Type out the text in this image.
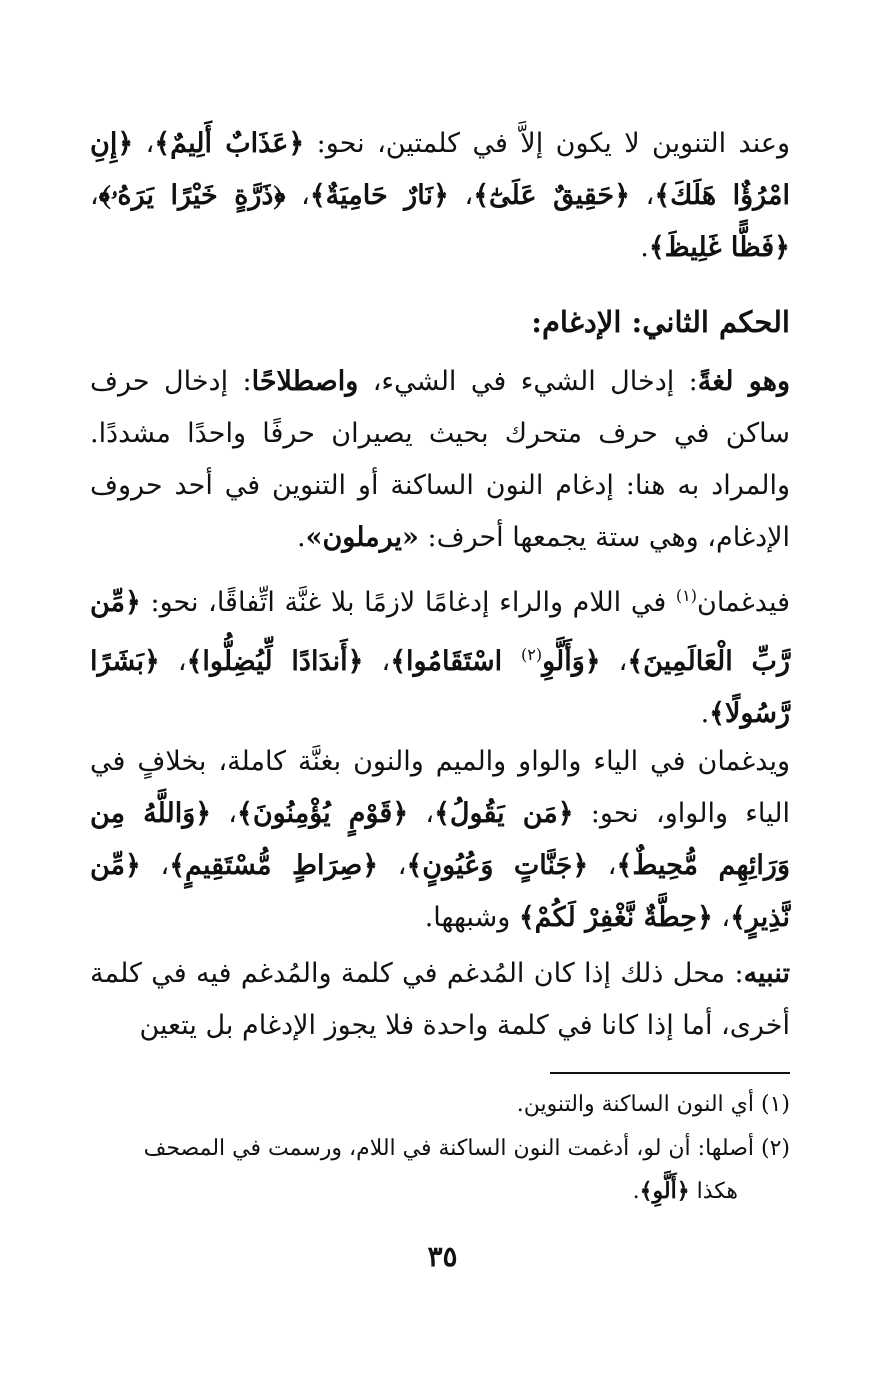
وعند التنوين لا يكون إلاَّ في كلمتين، نحو: ﴿عَذَابٌ أَلِيمٌ﴾، ﴿إِنِ امْرُؤٌا هَلَكَ﴾، ﴿حَقِيقٌ عَلَىٰٓ﴾، ﴿نَارٌ حَامِيَةٌ﴾، ﴿ذَرَّةٍ خَيْرًا يَرَهُۥ﴾، ﴿فَظًّا غَلِيظَ﴾.

الحكم الثاني: الإدغام:

وهو لغةً: إدخال الشيء في الشيء، واصطلاحًا: إدخال حرف ساكن في حرف متحرك بحيث يصيران حرفًا واحدًا مشددًا. والمراد به هنا: إدغام النون الساكنة أو التنوين في أحد حروف الإدغام، وهي ستة يجمعها أحرف: «يرملون».

فيدغمان$^{(١)}$ في اللام والراء إدغامًا لازمًا بلا غنَّة اتِّفاقًا، نحو: ﴿مِّن رَّبِّ الْعَالَمِينَ﴾، ﴿وَأَلَّوِ$^{(٢)}$ اسْتَقَامُوا﴾، ﴿أَندَادًا لِّيُضِلُّوا﴾، ﴿بَشَرًا رَّسُولًا﴾.

ويدغمان في الياء والواو والميم والنون بغنَّة كاملة، بخلافٍ في الياء والواو، نحو: ﴿مَن يَقُولُ﴾، ﴿قَوْمٍ يُؤْمِنُونَ﴾، ﴿وَاللَّهُ مِن وَرَائِهِم مُّحِيطٌ﴾، ﴿جَنَّاتٍ وَعُيُونٍ﴾، ﴿صِرَاطٍ مُّسْتَقِيمٍ﴾، ﴿مِّن نَّذِيرٍ﴾، ﴿حِطَّةٌ نَّغْفِرْ لَكُمْ﴾ وشبهها.

تنبيه: محل ذلك إذا كان المُدغم في كلمة والمُدغم فيه في كلمة أخرى، أما إذا كانا في كلمة واحدة فلا يجوز الإدغام بل يتعين

(١) أي النون الساكنة والتنوين.

(٢) أصلها: أن لو، أدغمت النون الساكنة في اللام، ورسمت في المصحف

هكذا ﴿أَلَّوِ﴾.

٣٥
